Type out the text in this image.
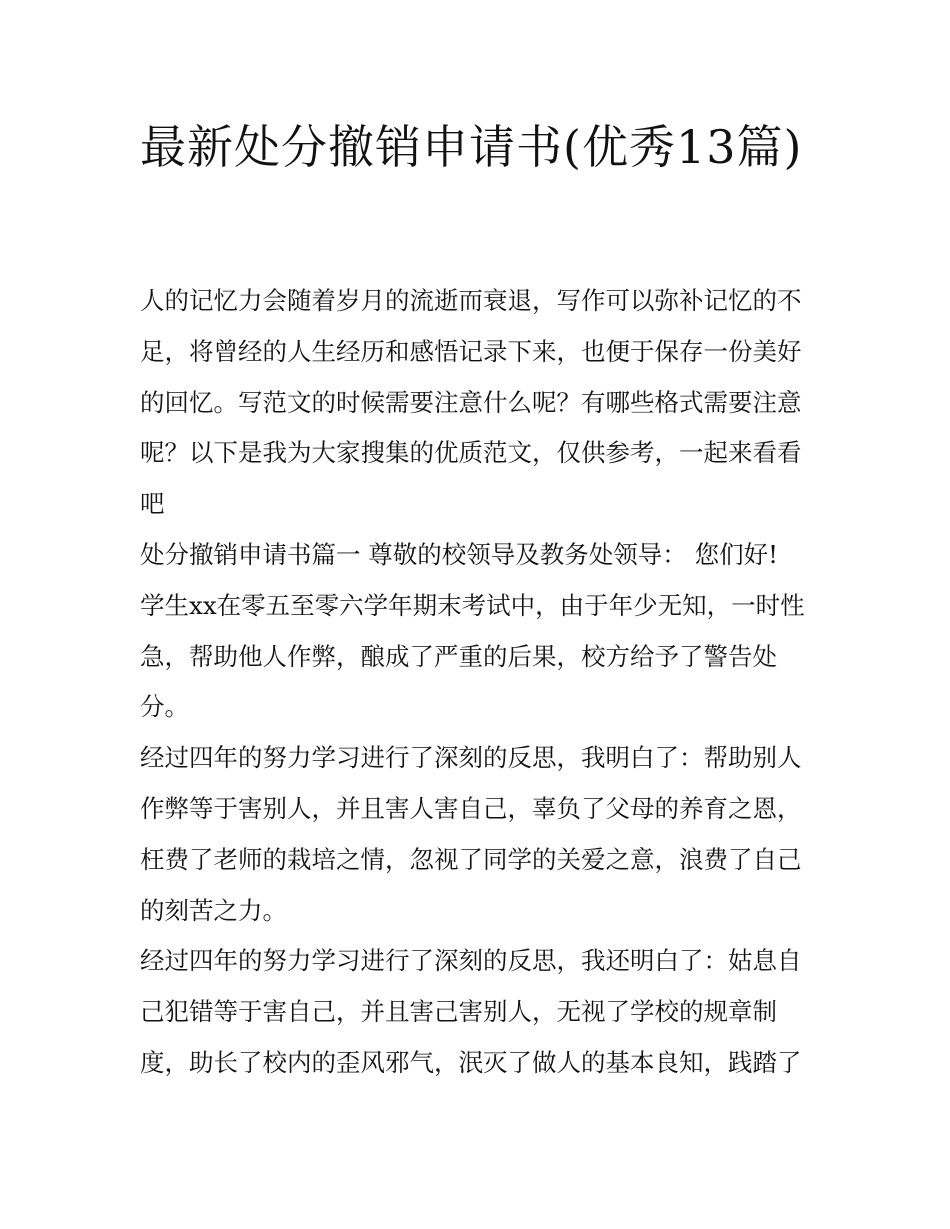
最新处分撤销申请书(优秀13篇)

人的记忆力会随着岁月的流逝而衰退，写作可以弥补记忆的不足，将曾经的人生经历和感悟记录下来，也便于保存一份美好的回忆。写范文的时候需要注意什么呢？有哪些格式需要注意呢？以下是我为大家搜集的优质范文，仅供参考，一起来看看吧

处分撤销申请书篇一 尊敬的校领导及教务处领导： 您们好!

学生xx在零五至零六学年期末考试中，由于年少无知，一时性急，帮助他人作弊，酿成了严重的后果，校方给予了警告处分。

经过四年的努力学习进行了深刻的反思，我明白了：帮助别人作弊等于害别人，并且害人害自己，辜负了父母的养育之恩，枉费了老师的栽培之情，忽视了同学的关爱之意，浪费了自己的刻苦之力。

经过四年的努力学习进行了深刻的反思，我还明白了：姑息自己犯错等于害自己，并且害己害别人，无视了学校的规章制度，助长了校内的歪风邪气，泯灭了做人的基本良知，践踏了
